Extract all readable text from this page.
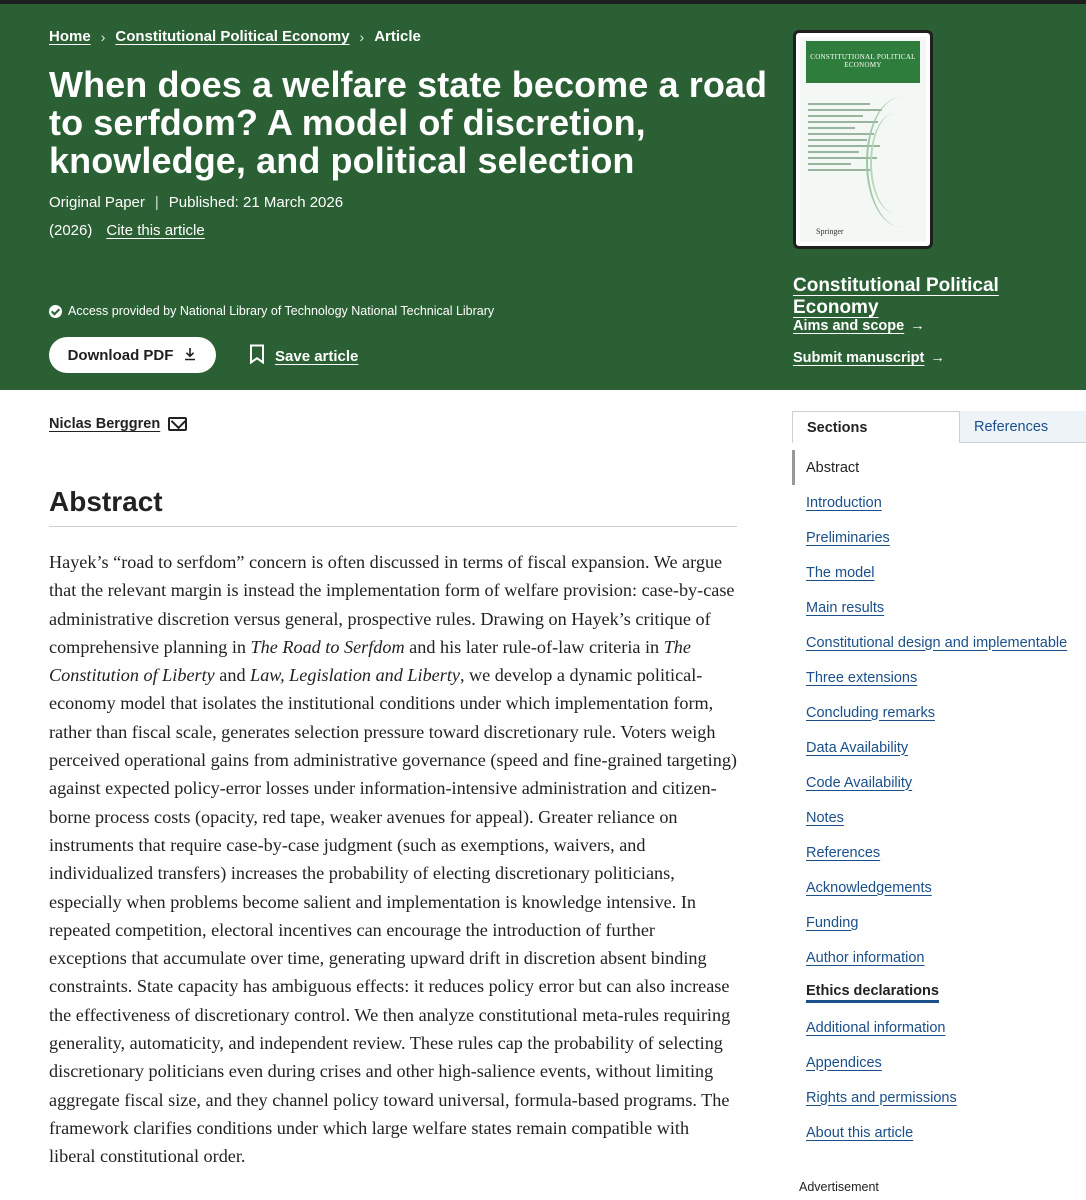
Home › Constitutional Political Economy › Article
When does a welfare state become a road to serfdom? A model of discretion, knowledge, and political selection
Original Paper | Published: 21 March 2026
(2026) Cite this article
Access provided by National Library of Technology National Technical Library
Download PDF	Save article
CONSTITUTIONAL POLITICAL ECONOMY
Springer
Constitutional Political Economy
Aims and scope →
Submit manuscript →
Niclas Berggren
Abstract

Hayek’s “road to serfdom” concern is often discussed in terms of fiscal expansion. We argue that the relevant margin is instead the implementation form of welfare provision: case-by-case administrative discretion versus general, prospective rules. Drawing on Hayek’s critique of comprehensive planning in The Road to Serfdom and his later rule-of-law criteria in The Constitution of Liberty and Law, Legislation and Liberty, we develop a dynamic political-economy model that isolates the institutional conditions under which implementation form, rather than fiscal scale, generates selection pressure toward discretionary rule. Voters weigh perceived operational gains from administrative governance (speed and fine-grained targeting) against expected policy-error losses under information-intensive administration and citizen-borne process costs (opacity, red tape, weaker avenues for appeal). Greater reliance on instruments that require case-by-case judgment (such as exemptions, waivers, and individualized transfers) increases the probability of electing discretionary politicians, especially when problems become salient and implementation is knowledge intensive. In repeated competition, electoral incentives can encourage the introduction of further exceptions that accumulate over time, generating upward drift in discretion absent binding constraints. State capacity has ambiguous effects: it reduces policy error but can also increase the effectiveness of discretionary control. We then analyze constitutional meta-rules requiring generality, automaticity, and independent review. These rules cap the probability of selecting discretionary politicians even during crises and other high-salience events, without limiting aggregate fiscal size, and they channel policy toward universal, formula-based programs. The framework clarifies conditions under which large welfare states remain compatible with liberal constitutional order.

Sections	References
Abstract
Introduction
Preliminaries
The model
Main results
Constitutional design and implementable
Three extensions
Concluding remarks
Data Availability
Code Availability
Notes
References
Acknowledgements
Funding
Author information
Ethics declarations
Additional information
Appendices
Rights and permissions
About this article
Advertisement
